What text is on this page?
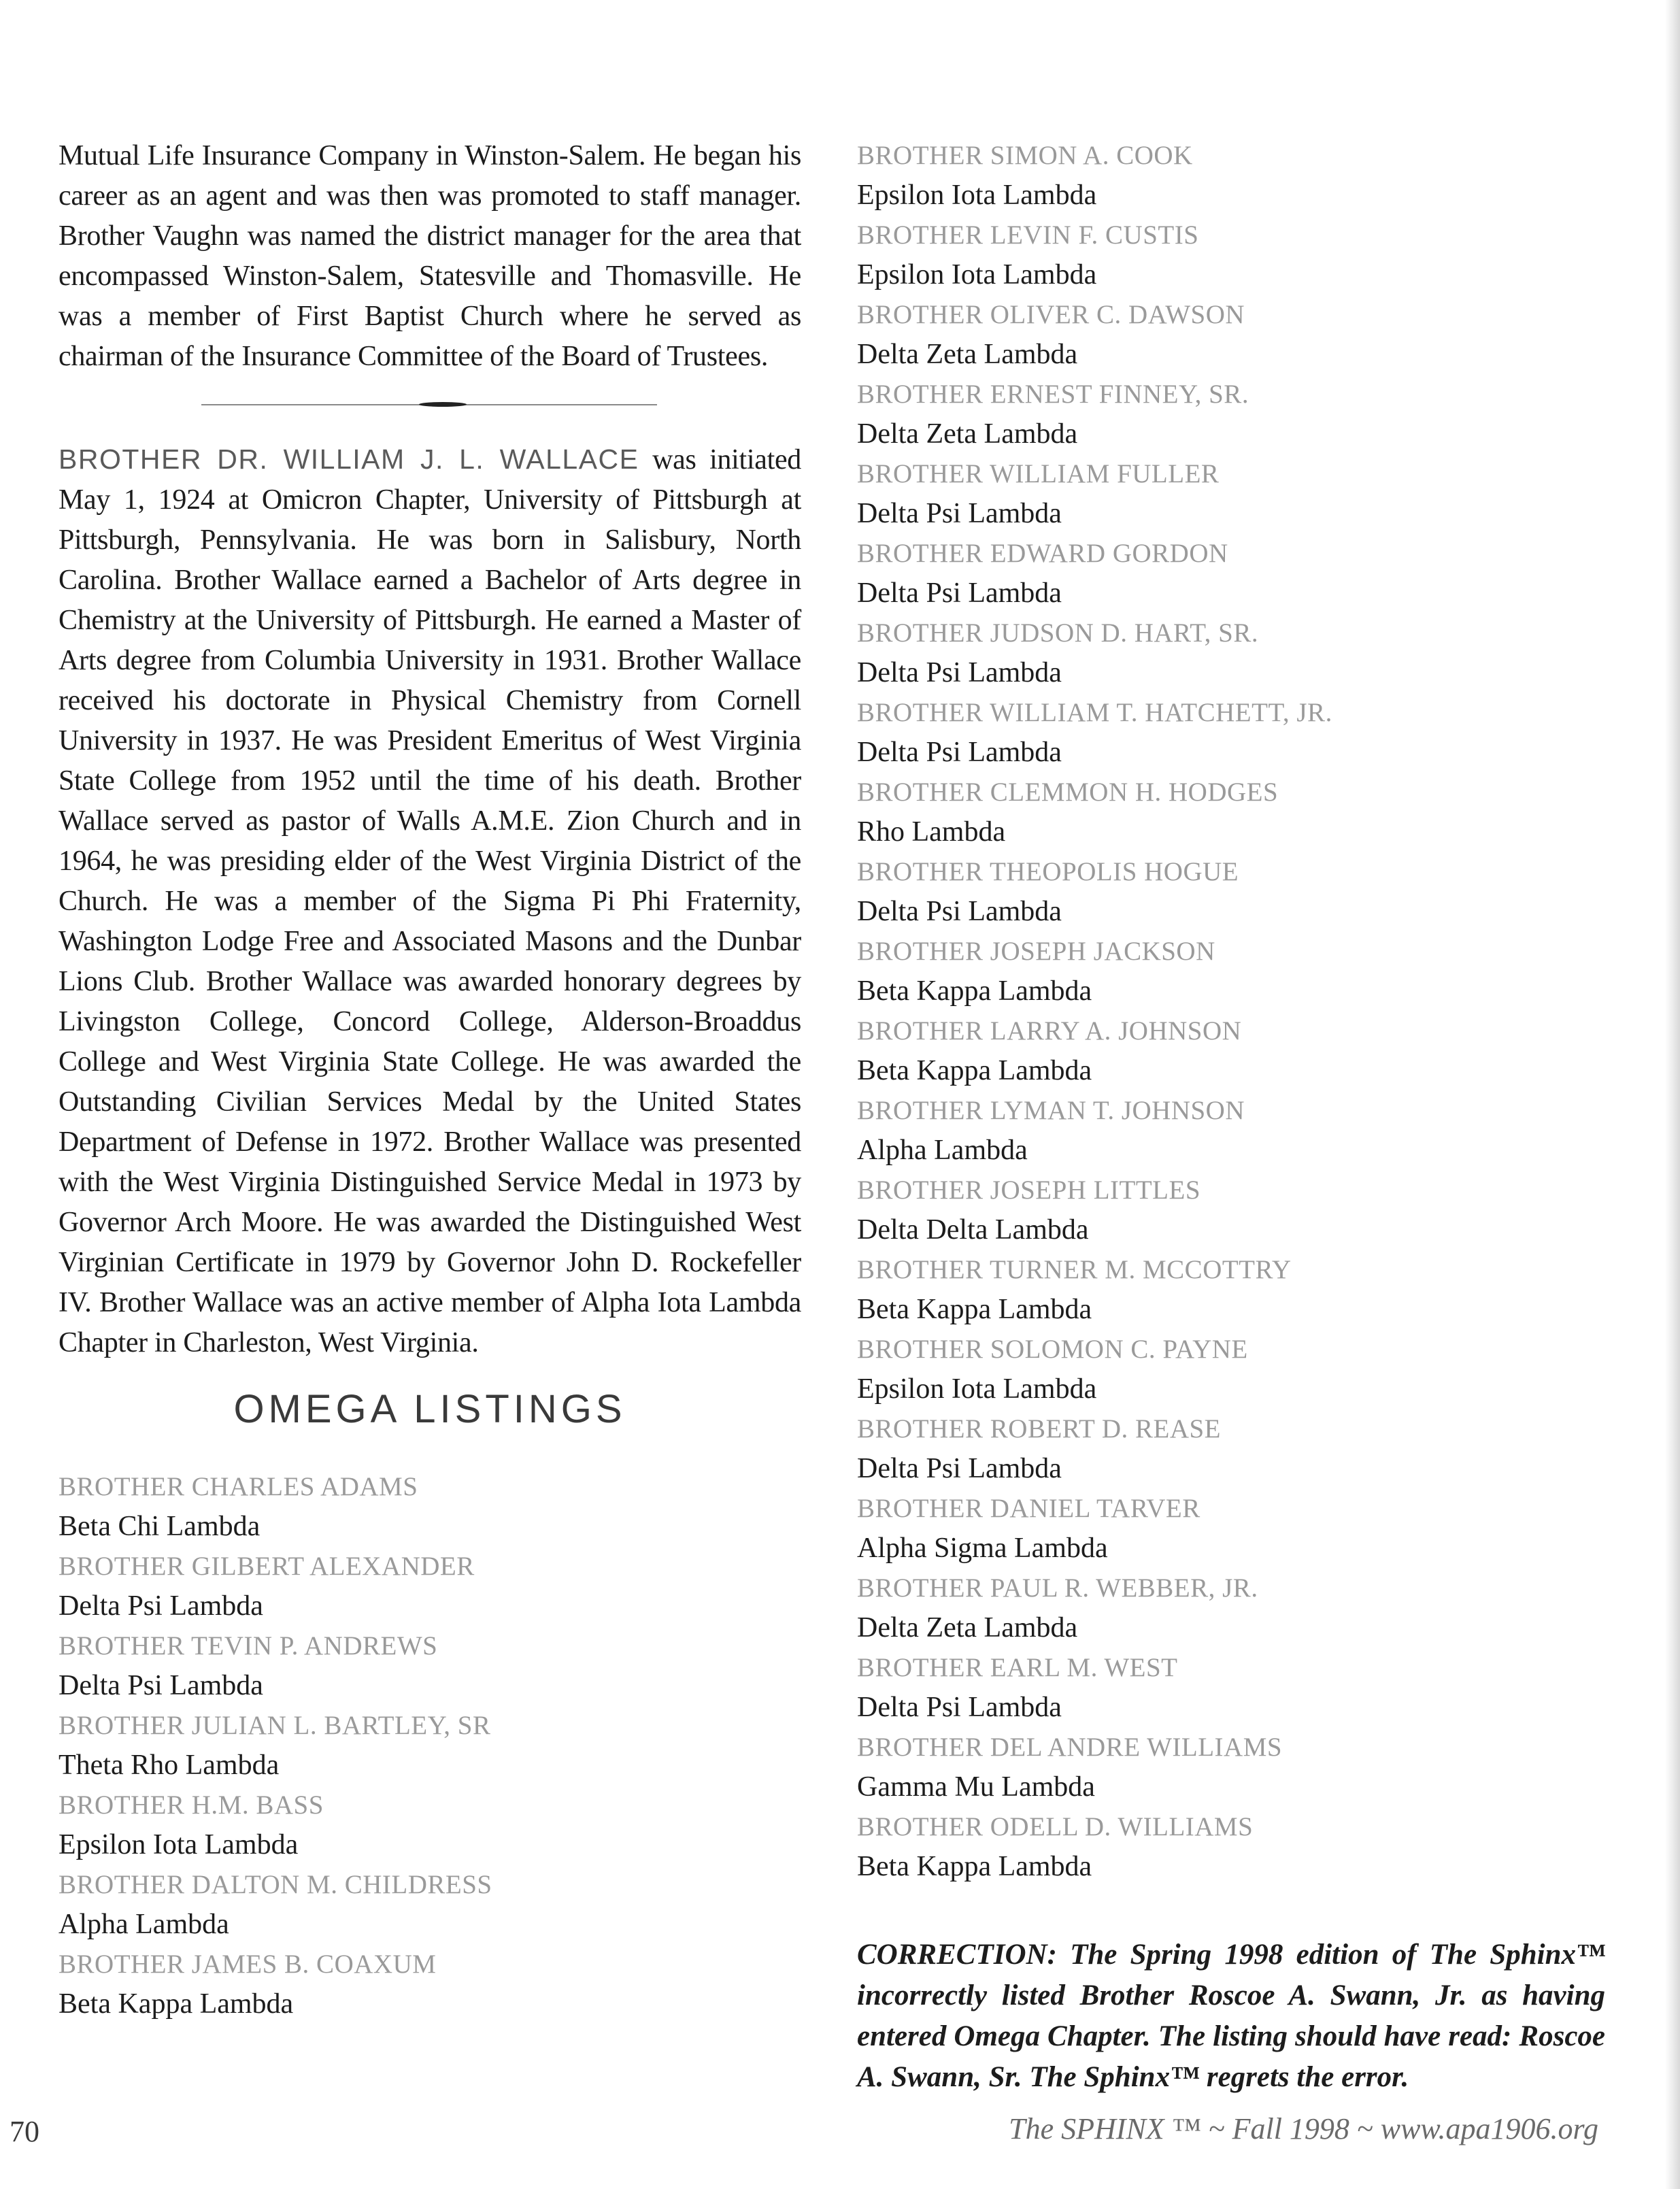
Mutual Life Insurance Company in Winston-Salem. He began his career as an agent and was then was promoted to staff manager. Brother Vaughn was named the district manager for the area that encompassed Winston-Salem, Statesville and Thomasville. He was a member of First Baptist Church where he served as chairman of the Insurance Committee of the Board of Trustees.

BROTHER DR. WILLIAM J. L. WALLACE was initiated May 1, 1924 at Omicron Chapter, University of Pittsburgh at Pittsburgh, Pennsylvania. He was born in Salisbury, North Carolina. Brother Wallace earned a Bachelor of Arts degree in Chemistry at the University of Pittsburgh. He earned a Master of Arts degree from Columbia University in 1931. Brother Wallace received his doctorate in Physical Chemistry from Cornell University in 1937. He was President Emeritus of West Virginia State College from 1952 until the time of his death. Brother Wallace served as pastor of Walls A.M.E. Zion Church and in 1964, he was presiding elder of the West Virginia District of the Church. He was a member of the Sigma Pi Phi Fraternity, Washington Lodge Free and Associated Masons and the Dunbar Lions Club. Brother Wallace was awarded honorary degrees by Livingston College, Concord College, Alderson-Broaddus College and West Virginia State College. He was awarded the Outstanding Civilian Services Medal by the United States Department of Defense in 1972. Brother Wallace was presented with the West Virginia Distinguished Service Medal in 1973 by Governor Arch Moore. He was awarded the Distinguished West Virginian Certificate in 1979 by Governor John D. Rockefeller IV. Brother Wallace was an active member of Alpha Iota Lambda Chapter in Charleston, West Virginia.

OMEGA LISTINGS
BROTHER CHARLES ADAMS
Beta Chi Lambda
BROTHER GILBERT ALEXANDER
Delta Psi Lambda
BROTHER TEVIN P. ANDREWS
Delta Psi Lambda
BROTHER JULIAN L. BARTLEY, SR
Theta Rho Lambda
BROTHER H.M. BASS
Epsilon Iota Lambda
BROTHER DALTON M. CHILDRESS
Alpha Lambda
BROTHER JAMES B. COAXUM
Beta Kappa Lambda
BROTHER SIMON A. COOK
Epsilon Iota Lambda
BROTHER LEVIN F. CUSTIS
Epsilon Iota Lambda
BROTHER OLIVER C. DAWSON
Delta Zeta Lambda
BROTHER ERNEST FINNEY, SR.
Delta Zeta Lambda
BROTHER WILLIAM FULLER
Delta Psi Lambda
BROTHER EDWARD GORDON
Delta Psi Lambda
BROTHER JUDSON D. HART, SR.
Delta Psi Lambda
BROTHER WILLIAM T. HATCHETT, JR.
Delta Psi Lambda
BROTHER CLEMMON H. HODGES
Rho Lambda
BROTHER THEOPOLIS HOGUE
Delta Psi Lambda
BROTHER JOSEPH JACKSON
Beta Kappa Lambda
BROTHER LARRY A. JOHNSON
Beta Kappa Lambda
BROTHER LYMAN T. JOHNSON
Alpha Lambda
BROTHER JOSEPH LITTLES
Delta Delta Lambda
BROTHER TURNER M. MCCOTTRY
Beta Kappa Lambda
BROTHER SOLOMON C. PAYNE
Epsilon Iota Lambda
BROTHER ROBERT D. REASE
Delta Psi Lambda
BROTHER DANIEL TARVER
Alpha Sigma Lambda
BROTHER PAUL R. WEBBER, JR.
Delta Zeta Lambda
BROTHER EARL M. WEST
Delta Psi Lambda
BROTHER DEL ANDRE WILLIAMS
Gamma Mu Lambda
BROTHER ODELL D. WILLIAMS
Beta Kappa Lambda

CORRECTION: The Spring 1998 edition of The Sphinx™ incorrectly listed Brother Roscoe A. Swann, Jr. as having entered Omega Chapter. The listing should have read: Roscoe A. Swann, Sr. The Sphinx™ regrets the error.

70	The SPHINX ™ ~ Fall 1998 ~ www.apa1906.org
